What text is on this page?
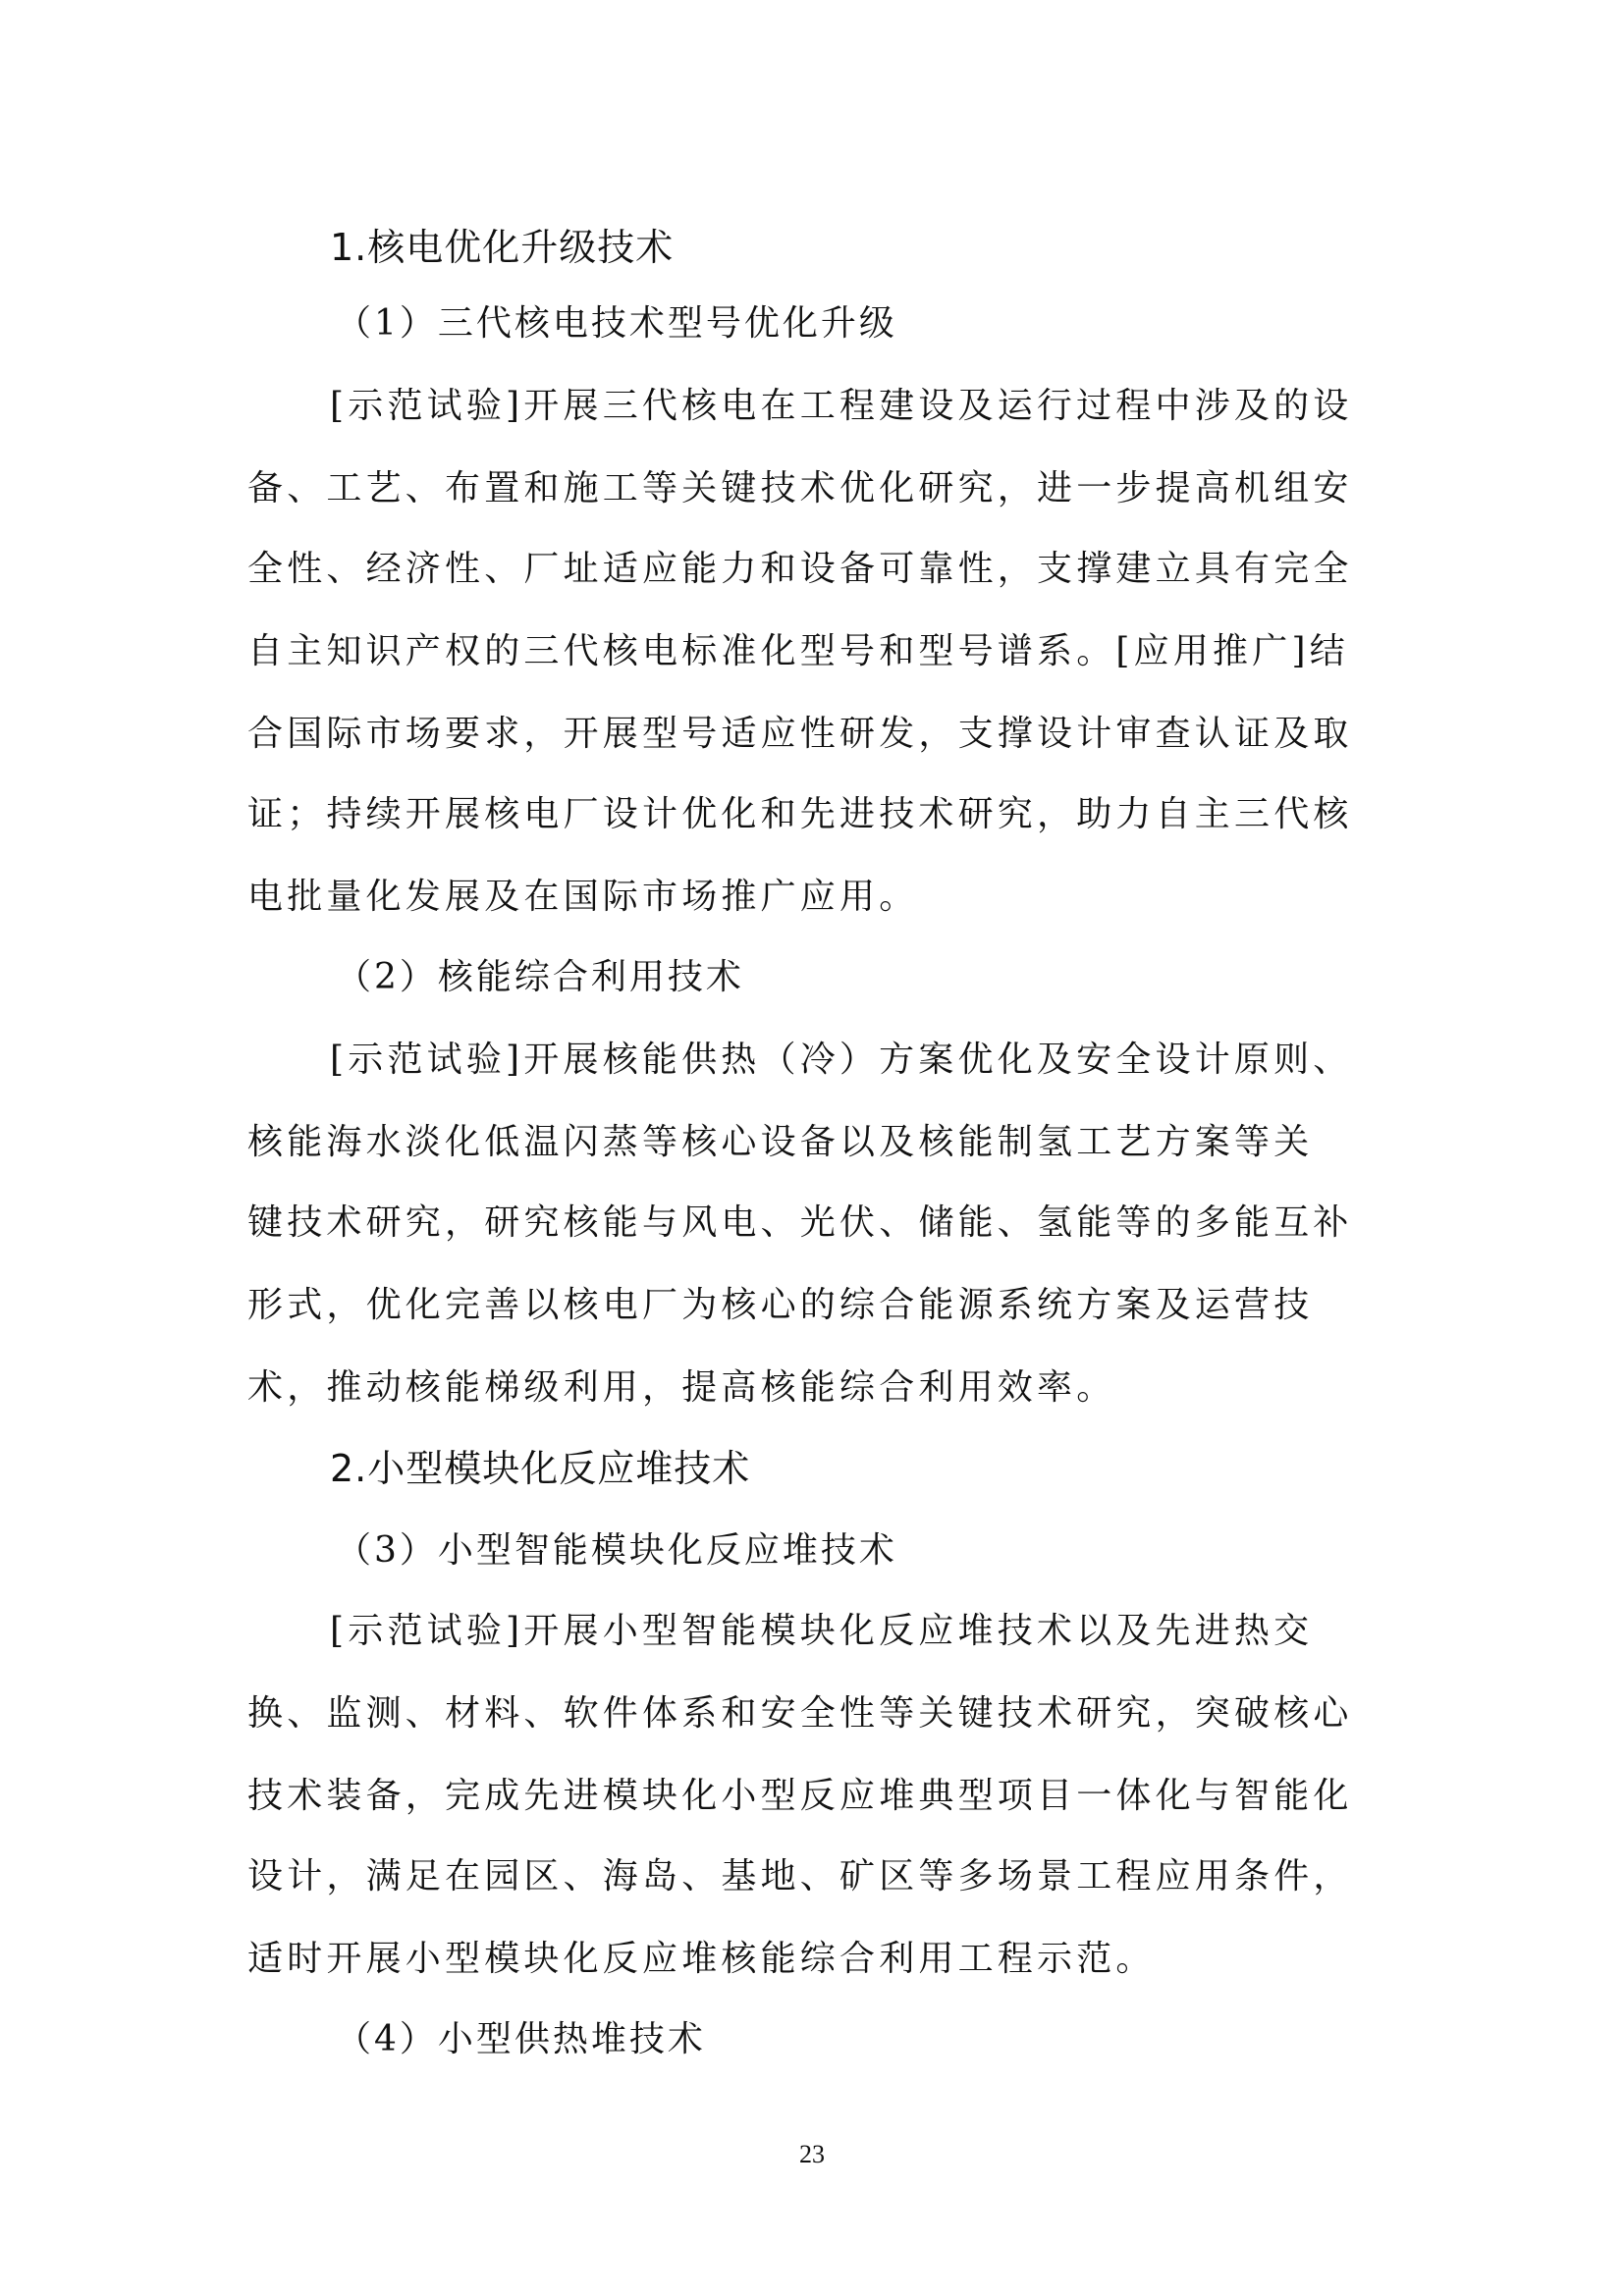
1.核电优化升级技术
（1）三代核电技术型号优化升级
[示范试验]开展三代核电在工程建设及运行过程中涉及的设
备、工艺、布置和施工等关键技术优化研究，进一步提高机组安
全性、经济性、厂址适应能力和设备可靠性，支撑建立具有完全
自主知识产权的三代核电标准化型号和型号谱系。[应用推广]结
合国际市场要求，开展型号适应性研发，支撑设计审查认证及取
证；持续开展核电厂设计优化和先进技术研究，助力自主三代核
电批量化发展及在国际市场推广应用。
（2）核能综合利用技术
[示范试验]开展核能供热（冷）方案优化及安全设计原则、
核能海水淡化低温闪蒸等核心设备以及核能制氢工艺方案等关
键技术研究，研究核能与风电、光伏、储能、氢能等的多能互补
形式，优化完善以核电厂为核心的综合能源系统方案及运营技
术，推动核能梯级利用，提高核能综合利用效率。
2.小型模块化反应堆技术
（3）小型智能模块化反应堆技术
[示范试验]开展小型智能模块化反应堆技术以及先进热交
换、监测、材料、软件体系和安全性等关键技术研究，突破核心
技术装备，完成先进模块化小型反应堆典型项目一体化与智能化
设计，满足在园区、海岛、基地、矿区等多场景工程应用条件，
适时开展小型模块化反应堆核能综合利用工程示范。
（4）小型供热堆技术
23
